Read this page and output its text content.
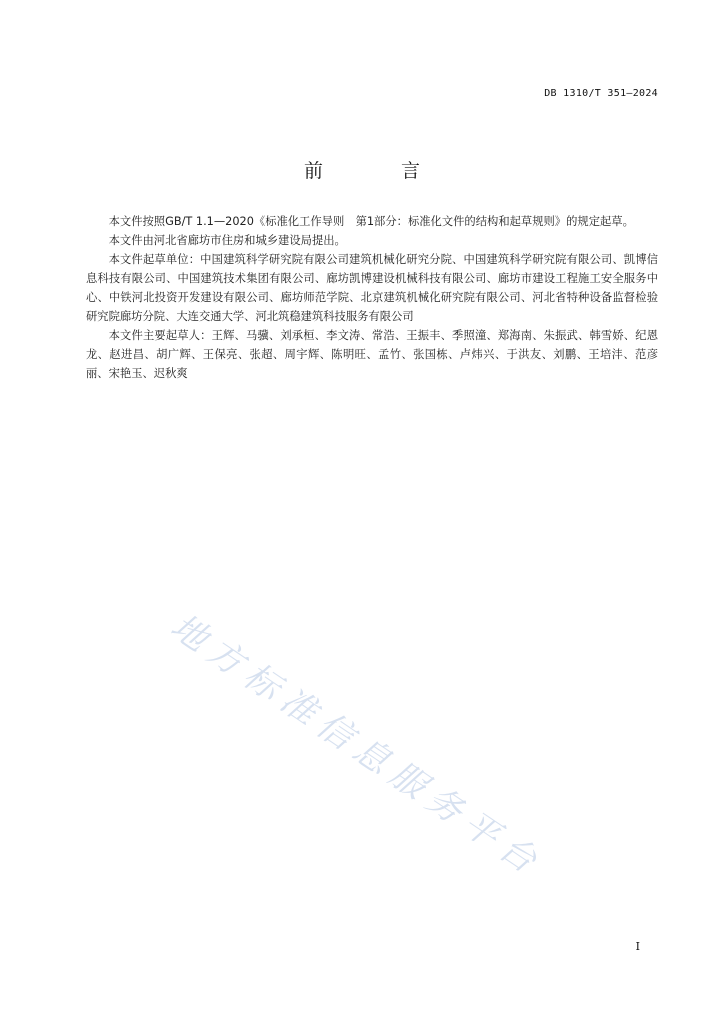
DB 1310/T 351—2024
前 言

本文件按照GB/T 1.1—2020《标准化工作导则　第1部分：标准化文件的结构和起草规则》的规定起草。

本文件由河北省廊坊市住房和城乡建设局提出。

本文件起草单位：中国建筑科学研究院有限公司建筑机械化研究分院、中国建筑科学研究院有限公司、凯博信息科技有限公司、中国建筑技术集团有限公司、廊坊凯博建设机械科技有限公司、廊坊市建设工程施工安全服务中心、中铁河北投资开发建设有限公司、廊坊师范学院、北京建筑机械化研究院有限公司、河北省特种设备监督检验研究院廊坊分院、大连交通大学、河北筑稳建筑科技服务有限公司

本文件主要起草人：王辉、马骥、刘承桓、李文涛、常浩、王振丰、季照潼、郑海南、朱振武、韩雪娇、纪恩龙、赵进昌、胡广辉、王保亮、张超、周宇辉、陈明旺、孟竹、张国栋、卢炜兴、于洪友、刘鹏、王培沣、范彦丽、宋艳玉、迟秋爽

地方标准信息服务平台
I
